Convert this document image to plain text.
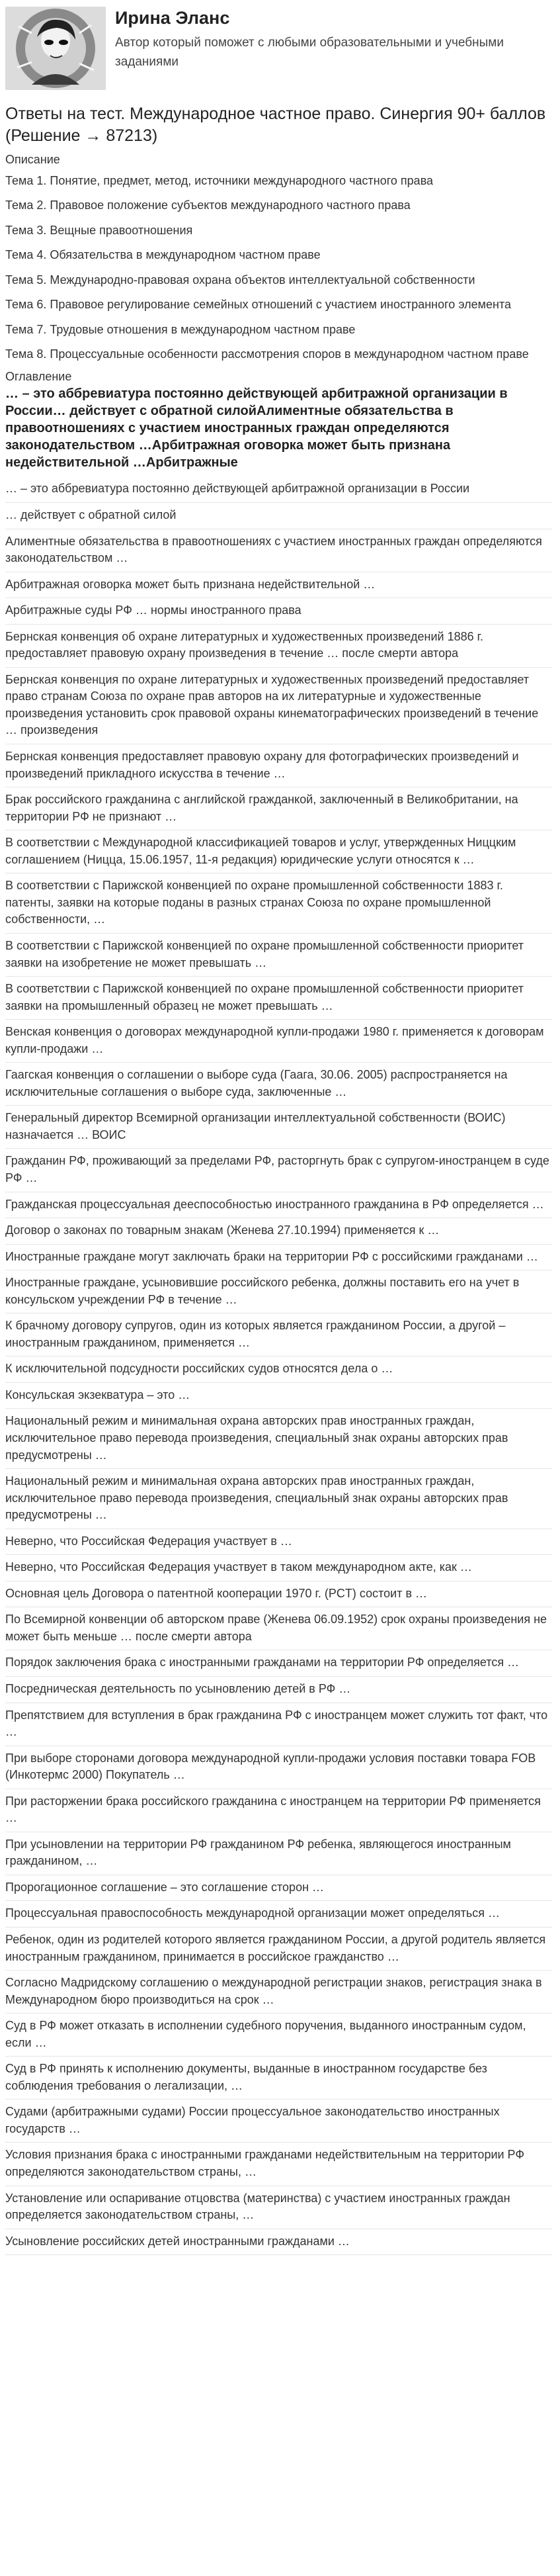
Ирина Эланс
Автор который поможет с любыми образовательными и учебными заданиями
Ответы на тест. Международное частное право. Синергия 90+ баллов (Решение → 87213)
Описание
Тема 1. Понятие, предмет, метод, источники международного частного права
Тема 2. Правовое положение субъектов международного частного права
Тема 3. Вещные правоотношения
Тема 4. Обязательства в международном частном праве
Тема 5. Международно-правовая охрана объектов интеллектуальной собственности
Тема 6. Правовое регулирование семейных отношений с участием иностранного элемента
Тема 7. Трудовые отношения в международном частном праве
Тема 8. Процессуальные особенности рассмотрения споров в международном частном праве
Оглавление
… – это аббревиатура постоянно действующей арбитражной организации в России… действует с обратной силойАлиментные обязательства в правоотношениях с участием иностранных граждан определяются законодательством …Арбитражная оговорка может быть признана недействительной …Арбитражные
… – это аббревиатура постоянно действующей арбитражной организации в России
… действует с обратной силой
Алиментные обязательства в правоотношениях с участием иностранных граждан определяются законодательством …
Арбитражная оговорка может быть признана недействительной …
Арбитражные суды РФ … нормы иностранного права
Бернская конвенция об охране литературных и художественных произведений 1886 г. предоставляет правовую охрану произведения в течение … после смерти автора
Бернская конвенция по охране литературных и художественных произведений предоставляет право странам Союза по охране прав авторов на их литературные и художественные произведения установить срок правовой охраны кинематографических произведений в течение … произведения
Бернская конвенция предоставляет правовую охрану для фотографических произведений и произведений прикладного искусства в течение …
Брак российского гражданина с английской гражданкой, заключенный в Великобритании, на территории РФ не признают …
В соответствии с Международной классификацией товаров и услуг, утвержденных Ниццким соглашением (Ницца, 15.06.1957, 11-я редакция) юридические услуги относятся к …
В соответствии с Парижской конвенцией по охране промышленной собственности 1883 г. патенты, заявки на которые поданы в разных странах Союза по охране промышленной собственности, …
В соответствии с Парижской конвенцией по охране промышленной собственности приоритет заявки на изобретение не может превышать …
В соответствии с Парижской конвенцией по охране промышленной собственности приоритет заявки на промышленный образец не может превышать …
Венская конвенция о договорах международной купли-продажи 1980 г. применяется к договорам купли-продажи …
Гаагская конвенция о соглашении о выборе суда (Гаага, 30.06. 2005) распространяется на исключительные соглашения о выборе суда, заключенные …
Генеральный директор Всемирной организации интеллектуальной собственности (ВОИС) назначается … ВОИС
Гражданин РФ, проживающий за пределами РФ, расторгнуть брак с супругом-иностранцем в суде РФ …
Гражданская процессуальная дееспособностью иностранного гражданина в РФ определяется …
Договор о законах по товарным знакам (Женева 27.10.1994) применяется к …
Иностранные граждане могут заключать браки на территории РФ с российскими гражданами …
Иностранные граждане, усыновившие российского ребенка, должны поставить его на учет в консульском учреждении РФ в течение …
К брачному договору супругов, один из которых является гражданином России, а другой – иностранным гражданином, применяется …
К исключительной подсудности российских судов относятся дела о …
Консульская экзекватура – это …
Национальный режим и минимальная охрана авторских прав иностранных граждан, исключительное право перевода произведения, специальный знак охраны авторских прав предусмотрены …
Национальный режим и минимальная охрана авторских прав иностранных граждан, исключительное право перевода произведения, специальный знак охраны авторских прав предусмотрены …
Неверно, что Российская Федерация участвует в …
Неверно, что Российская Федерация участвует в таком международном акте, как …
Основная цель Договора о патентной кооперации 1970 г. (PCT) состоит в …
По Всемирной конвенции об авторском праве (Женева 06.09.1952) срок охраны произведения не может быть меньше … после смерти автора
Порядок заключения брака с иностранными гражданами на территории РФ определяется …
Посредническая деятельность по усыновлению детей в РФ …
Препятствием для вступления в брак гражданина РФ с иностранцем может служить тот факт, что …
При выборе сторонами договора международной купли-продажи условия поставки товара FOB (Инкотермс 2000) Покупатель …
При расторжении брака российского гражданина с иностранцем на территории РФ применяется …
При усыновлении на территории РФ гражданином РФ ребенка, являющегося иностранным гражданином, …
Пророгационное соглашение – это соглашение сторон …
Процессуальная правоспособность международной организации может определяться …
Ребенок, один из родителей которого является гражданином России, а другой родитель является иностранным гражданином, принимается в российское гражданство …
Согласно Мадридскому соглашению о международной регистрации знаков, регистрация знака в Международном бюро производиться на срок …
Суд в РФ может отказать в исполнении судебного поручения, выданного иностранным судом, если …
Суд в РФ принять к исполнению документы, выданные в иностранном государстве без соблюдения требования о легализации, …
Судами (арбитражными судами) России процессуальное законодательство иностранных государств …
Условия признания брака с иностранными гражданами недействительным на территории РФ определяются законодательством страны, …
Установление или оспаривание отцовства (материнства) с участием иностранных граждан определяется законодательством страны, …
Усыновление российских детей иностранными гражданами …
